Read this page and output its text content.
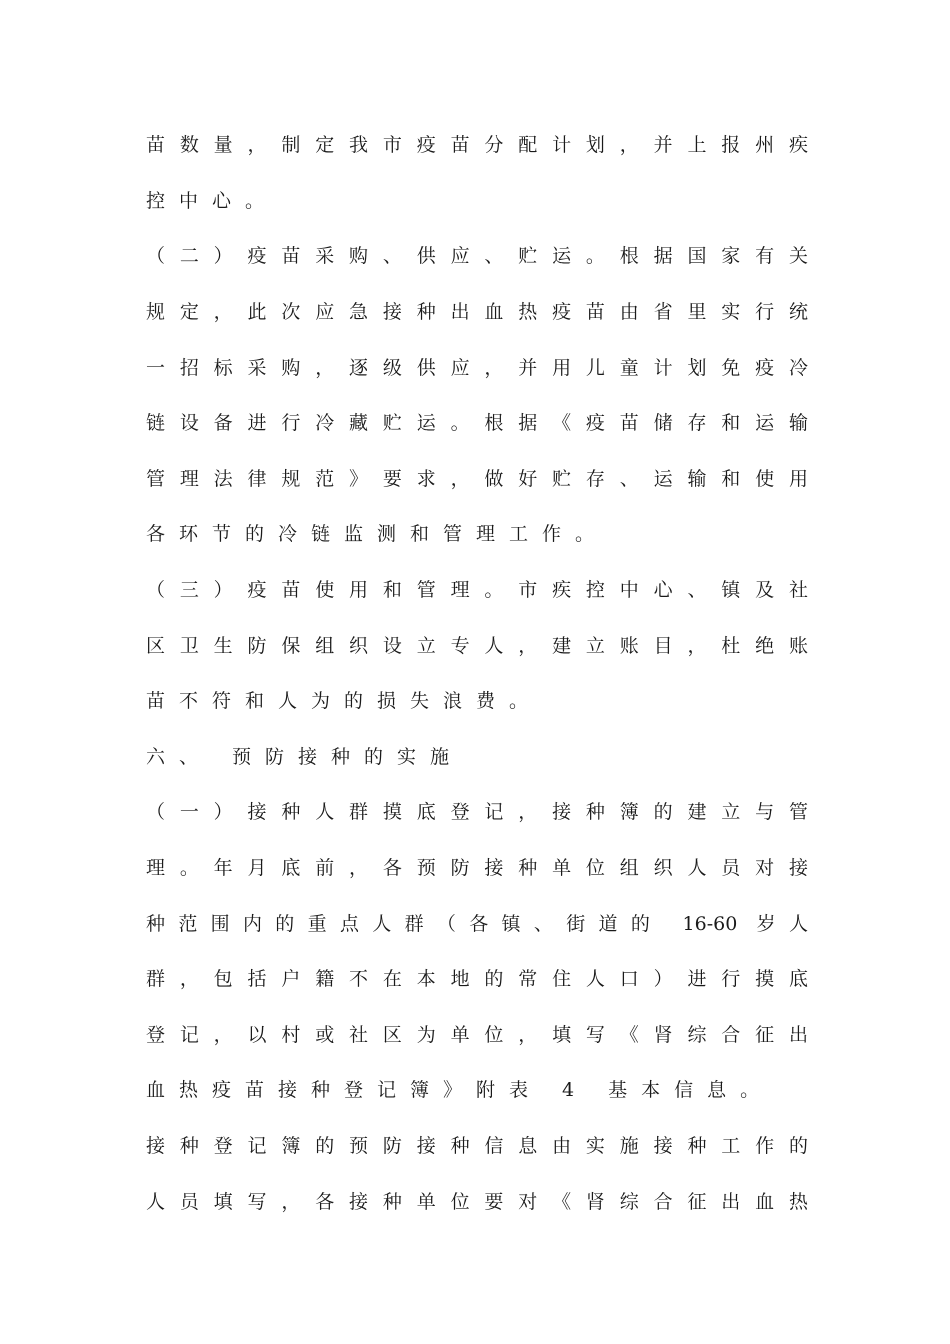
苗数量，制定我市疫苗分配计划，并上报州疾
控中心。
（二）疫苗采购、供应、贮运。根据国家有关
规定，此次应急接种出血热疫苗由省里实行统
一招标采购，逐级供应，并用儿童计划免疫冷
链设备进行冷藏贮运。根据《疫苗储存和运输
管理法律规范》要求，做好贮存、运输和使用
各环节的冷链监测和管理工作。
（三）疫苗使用和管理。市疾控中心、镇及社
区卫生防保组织设立专人，建立账目，杜绝账
苗不符和人为的损失浪费。
六、 预防接种的实施
（一）接种人群摸底登记，接种簿的建立与管
理。年月底前，各预防接种单位组织人员对接
种范围内的重点人群（各镇、街道的 16-60 岁人
群，包括户籍不在本地的常住人口）进行摸底
登记，以村或社区为单位，填写《肾综合征出
血热疫苗接种登记簿》附表 4 基本信息。
接种登记簿的预防接种信息由实施接种工作的
人员填写，各接种单位要对《肾综合征出血热
